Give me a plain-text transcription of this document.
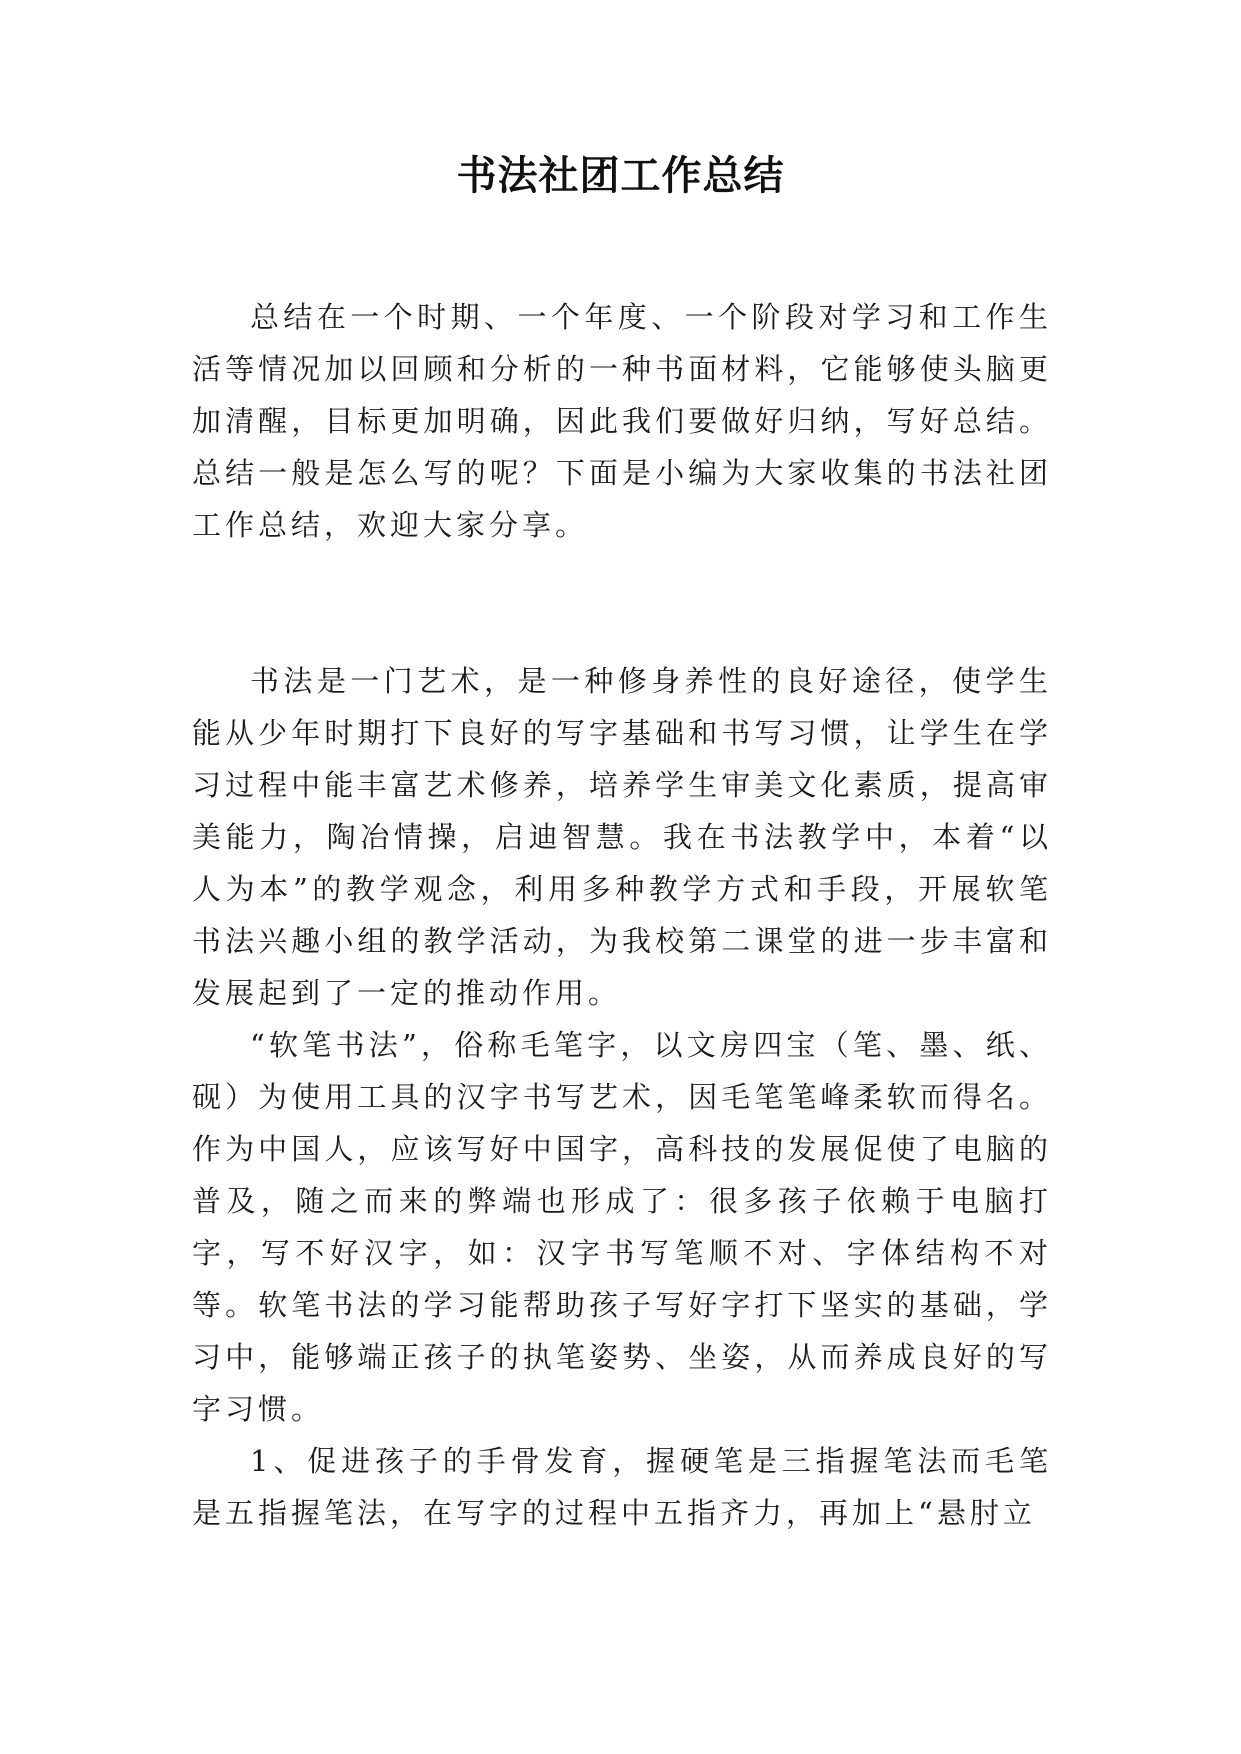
书法社团工作总结

总结在一个时期、一个年度、一个阶段对学习和工作生活等情况加以回顾和分析的一种书面材料，它能够使头脑更加清醒，目标更加明确，因此我们要做好归纳，写好总结。总结一般是怎么写的呢？下面是小编为大家收集的书法社团工作总结，欢迎大家分享。

书法是一门艺术，是一种修身养性的良好途径，使学生能从少年时期打下良好的写字基础和书写习惯，让学生在学习过程中能丰富艺术修养，培养学生审美文化素质，提高审美能力，陶冶情操，启迪智慧。我在书法教学中，本着“以人为本”的教学观念，利用多种教学方式和手段，开展软笔书法兴趣小组的教学活动，为我校第二课堂的进一步丰富和发展起到了一定的推动作用。

“软笔书法”，俗称毛笔字，以文房四宝（笔、墨、纸、砚）为使用工具的汉字书写艺术，因毛笔笔峰柔软而得名。作为中国人，应该写好中国字，高科技的发展促使了电脑的普及，随之而来的弊端也形成了：很多孩子依赖于电脑打字，写不好汉字，如：汉字书写笔顺不对、字体结构不对等。软笔书法的学习能帮助孩子写好字打下坚实的基础，学习中，能够端正孩子的执笔姿势、坐姿，从而养成良好的写字习惯。

1、促进孩子的手骨发育，握硬笔是三指握笔法而毛笔是五指握笔法，在写字的过程中五指齐力，再加上“悬肘立
